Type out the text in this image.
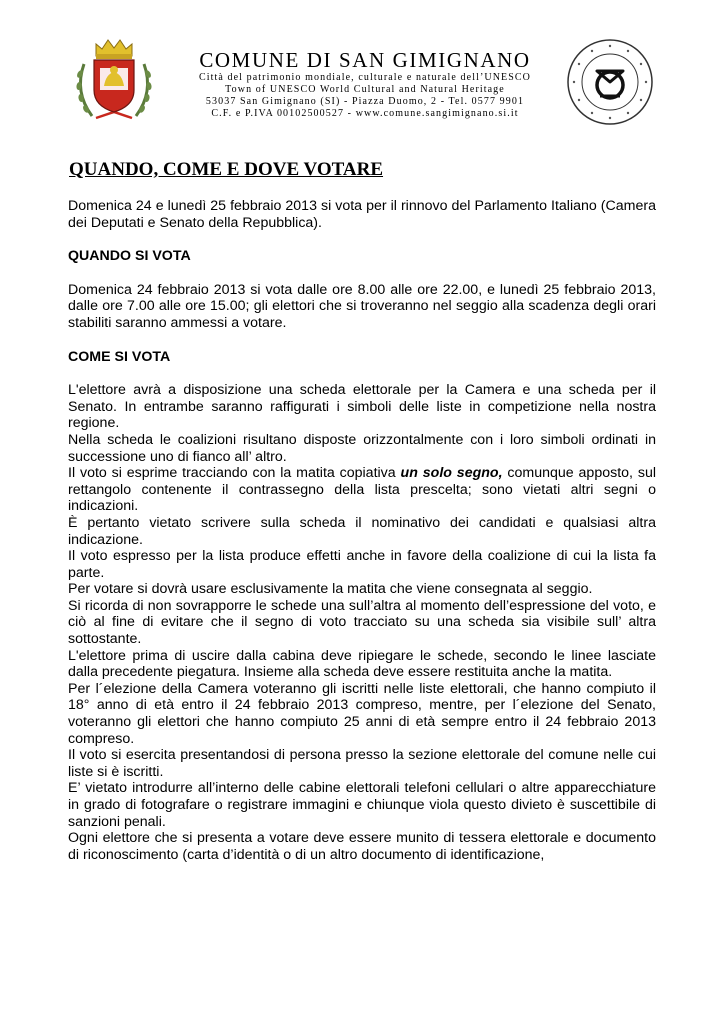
COMUNE DI SAN GIMIGNANO

Città del patrimonio mondiale, culturale e naturale dell’UNESCO

Town of UNESCO World Cultural and Natural Heritage

53037 San Gimignano (SI) - Piazza Duomo, 2 - Tel. 0577 9901

C.F. e P.IVA 00102500527 - www.comune.sangimignano.si.it

QUANDO, COME E DOVE VOTARE

Domenica 24 e lunedì 25 febbraio 2013 si vota per il rinnovo del Parlamento Italiano (Camera dei Deputati e Senato della Repubblica).

QUANDO SI VOTA

Domenica 24 febbraio 2013 si vota dalle ore 8.00 alle ore 22.00, e lunedì 25 febbraio 2013, dalle ore 7.00 alle ore 15.00; gli elettori che si troveranno nel seggio alla scadenza degli orari stabiliti saranno ammessi a votare.

COME SI VOTA

L'elettore avrà a disposizione una scheda elettorale per la Camera e una scheda per il Senato. In entrambe saranno raffigurati i simboli delle liste in competizione nella nostra regione.

Nella scheda le coalizioni risultano disposte orizzontalmente con i loro simboli ordinati in successione uno di fianco all’ altro.

Il voto si esprime tracciando con la matita copiativa un solo segno, comunque apposto, sul rettangolo contenente il contrassegno della lista prescelta; sono vietati altri segni o indicazioni.

È pertanto vietato scrivere sulla scheda il nominativo dei candidati e qualsiasi altra indicazione.

Il voto espresso per la lista produce effetti anche in favore della coalizione di cui la lista fa parte.

Per votare si dovrà usare esclusivamente la matita che viene consegnata al seggio.

Si ricorda di non sovrapporre le schede una sull’altra al momento dell’espressione del voto, e ciò al fine di evitare che il segno di voto tracciato su una scheda sia visibile sull’ altra sottostante.

L'elettore prima di uscire dalla cabina deve ripiegare le schede, secondo le linee lasciate dalla precedente piegatura. Insieme alla scheda deve essere restituita anche la matita.

Per l´elezione della Camera voteranno gli iscritti nelle liste elettorali, che hanno compiuto il 18° anno di età entro il 24 febbraio 2013 compreso, mentre, per l´elezione del Senato, voteranno gli elettori che hanno compiuto 25 anni di età sempre entro il 24 febbraio 2013 compreso.

Il voto si esercita presentandosi di persona presso la sezione elettorale del comune nelle cui liste si è iscritti.

E’ vietato introdurre all’interno delle cabine elettorali telefoni cellulari o altre apparecchiature in grado di fotografare o registrare immagini e chiunque viola questo divieto è suscettibile di sanzioni penali.

Ogni elettore che si presenta a votare deve essere munito di tessera elettorale e documento di riconoscimento (carta d’identità o di un altro documento di identificazione,
